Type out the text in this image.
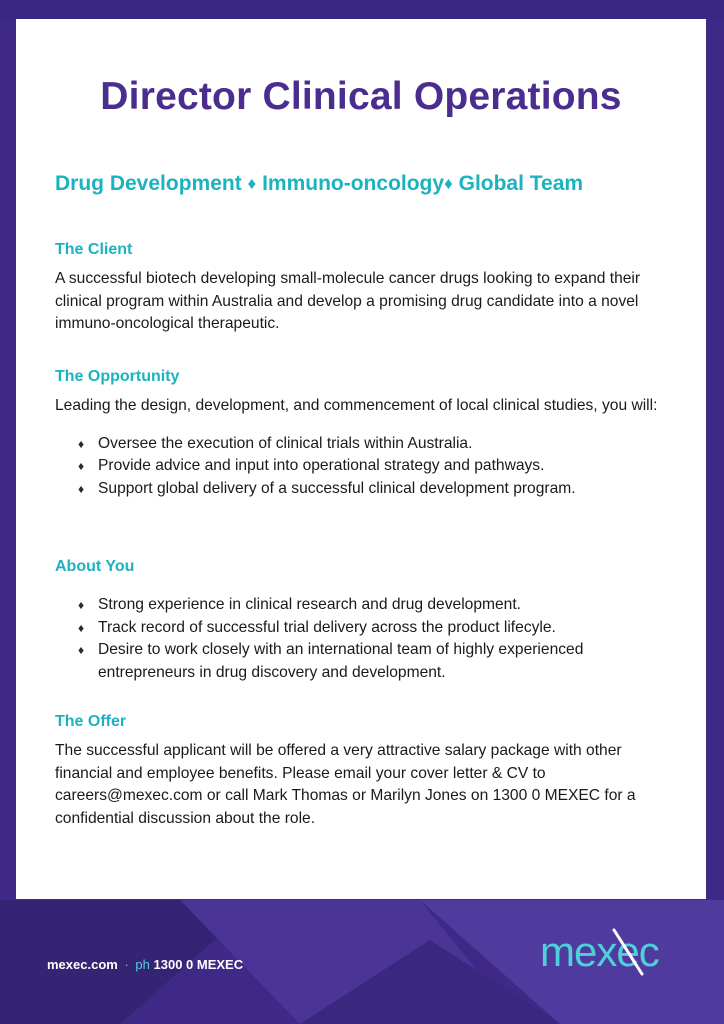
Director Clinical Operations
Drug Development ♦ Immuno-oncology♦ Global Team
The Client

A successful biotech developing small-molecule cancer drugs looking to expand their clinical program within Australia and develop a promising drug candidate into a novel immuno-oncological therapeutic.

The Opportunity

Leading the design, development, and commencement of local clinical studies, you will:

♦ Oversee the execution of clinical trials within Australia.
♦ Provide advice and input into operational strategy and pathways.
♦ Support global delivery of a successful clinical development program.
About You
♦ Strong experience in clinical research and drug development.
♦ Track record of successful trial delivery across the product lifecyle.
♦ Desire to work closely with an international team of highly experienced entrepreneurs in drug discovery and development.
The Offer

The successful applicant will be offered a very attractive salary package with other financial and employee benefits. Please email your cover letter & CV to careers@mexec.com or call Mark Thomas or Marilyn Jones on 1300 0 MEXEC for a confidential discussion about the role.

mexec.com · ph 1300 0 MEXEC	mexec
